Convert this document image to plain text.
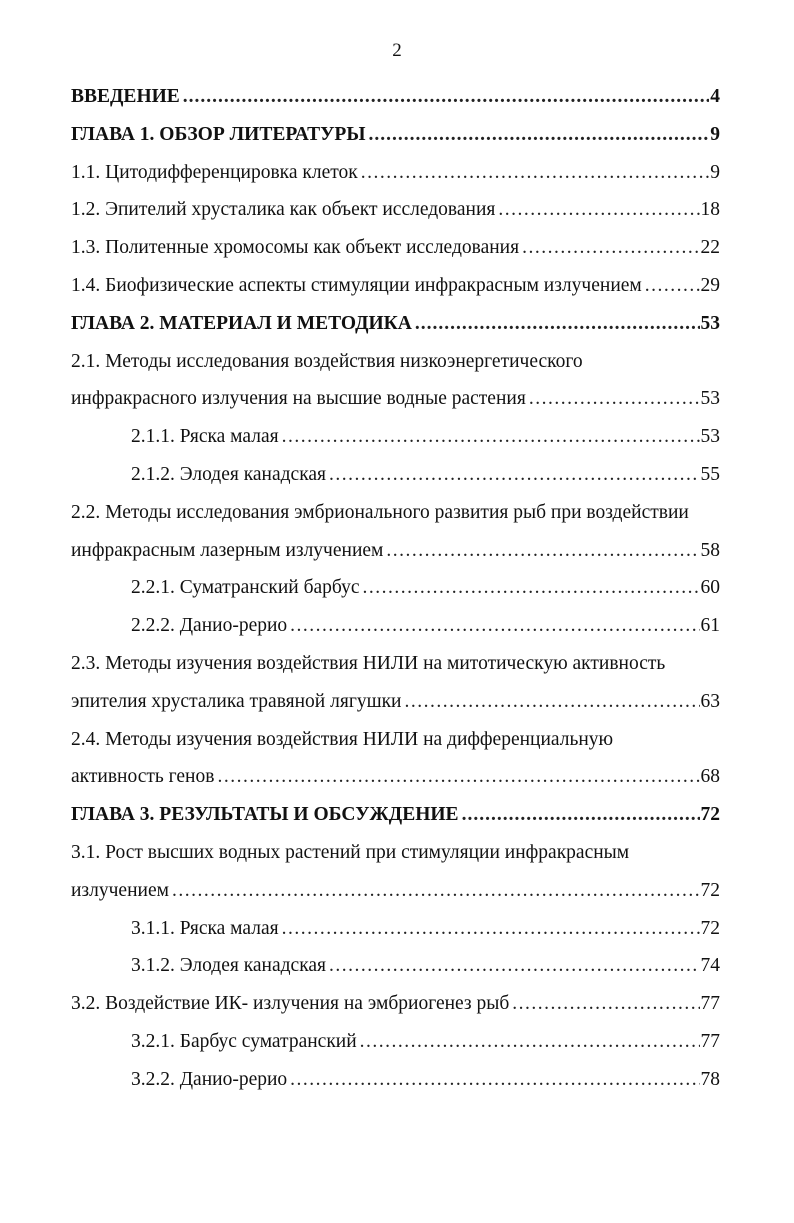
2
ВВЕДЕНИЕ .....	4
ГЛАВА 1. ОБЗОР ЛИТЕРАТУРЫ .....	9
1.1. Цитодифференцировка клеток .....	9
1.2. Эпителий хрусталика как объект исследования .....	18
1.3. Политенные хромосомы как объект исследования .....	22
1.4. Биофизические аспекты стимуляции инфракрасным излучением .....	29
ГЛАВА 2. МАТЕРИАЛ И МЕТОДИКА .....	53
2.1. Методы исследования воздействия низкоэнергетического
инфракрасного излучения на высшие водные растения .....	53
2.1.1. Ряска малая .....	53
2.1.2. Элодея канадская .....	55
2.2. Методы исследования эмбрионального развития рыб при воздействии
инфракрасным лазерным излучением .....	58
2.2.1. Суматранский барбус .....	60
2.2.2. Данио-рерио .....	61
2.3. Методы изучения воздействия НИЛИ на митотическую активность
эпителия хрусталика травяной лягушки .....	63
2.4. Методы изучения воздействия НИЛИ на дифференциальную
активность генов .....	68
ГЛАВА 3. РЕЗУЛЬТАТЫ И ОБСУЖДЕНИЕ .....	72
3.1. Рост высших водных растений при стимуляции инфракрасным
излучением .....	72
3.1.1. Ряска малая .....	72
3.1.2. Элодея канадская .....	74
3.2. Воздействие ИК- излучения на эмбриогенез рыб .....	77
3.2.1. Барбус суматранский .....	77
3.2.2. Данио-рерио .....	78
